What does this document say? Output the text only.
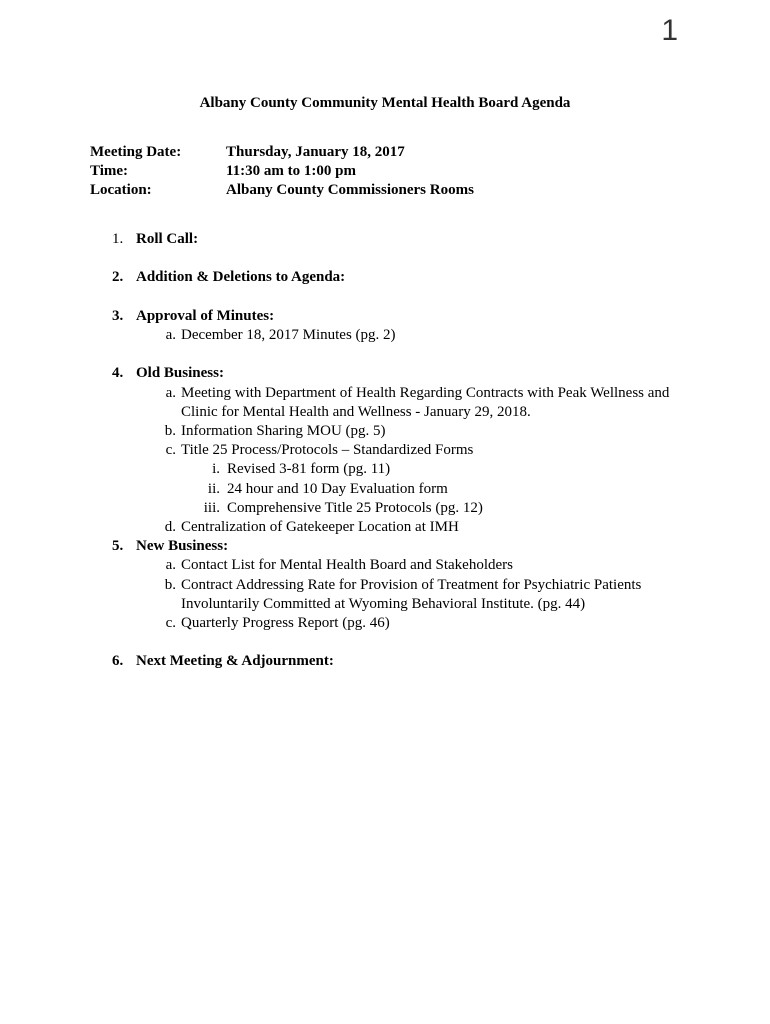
1
Albany County Community Mental Health Board Agenda
Meeting Date:	Thursday, January 18, 2017
Time:	11:30 am to 1:00 pm
Location:	Albany County Commissioners Rooms
1. Roll Call:
2. Addition & Deletions to Agenda:
3. Approval of Minutes:
a. December 18, 2017 Minutes (pg. 2)
4. Old Business:
a. Meeting with Department of Health Regarding Contracts with Peak Wellness and Clinic for Mental Health and Wellness - January 29, 2018.
b. Information Sharing MOU (pg. 5)
c. Title 25 Process/Protocols – Standardized Forms
i. Revised 3-81 form (pg. 11)
ii. 24 hour and 10 Day Evaluation form
iii. Comprehensive Title 25 Protocols (pg. 12)
d. Centralization of Gatekeeper Location at IMH
5. New Business:
a. Contact List for Mental Health Board and Stakeholders
b. Contract Addressing Rate for Provision of Treatment for Psychiatric Patients Involuntarily Committed at Wyoming Behavioral Institute. (pg. 44)
c. Quarterly Progress Report (pg. 46)
6. Next Meeting & Adjournment:
